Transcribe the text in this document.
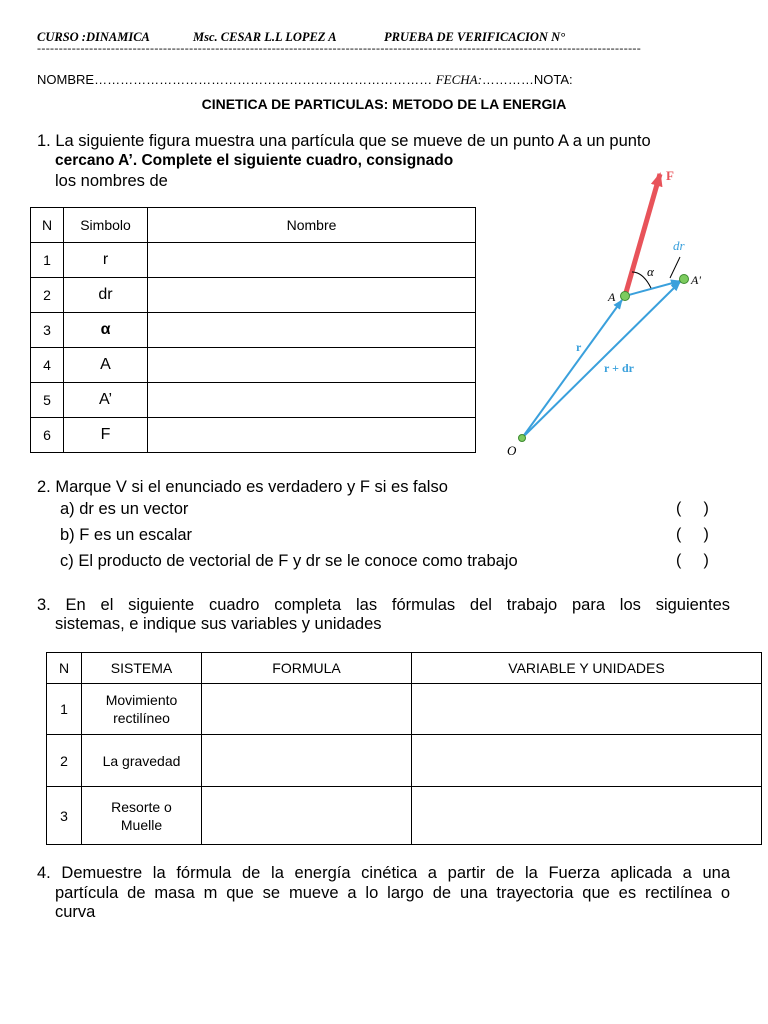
CURSO :DINAMICA	Msc. CESAR L.L LOPEZ A	PRUEBA DE VERIFICACION N°
-------------------------------------------------------------------------------------------------------------------------------------------
NOMBRE…………………………………………………………………… FECHA:…………NOTA:
CINETICA DE PARTICULAS: METODO DE LA ENERGIA
1. La siguiente figura muestra una partícula que se mueve de un punto A a un punto
cercano A’. Complete el siguiente cuadro, consignado
los nombres de
N	Simbolo	Nombre
1	r	
2	dr	
3	α	
4	A	
5	A’	
6	F	
F
dr
α
A
A'
r
r + dr
O
2. Marque V si el enunciado es verdadero y F si es falso
a) dr es un vector	(     )
b) F es un escalar	(     )
c) El producto de vectorial de F y dr se le conoce como trabajo	(     )
3. En el siguiente cuadro completa las fórmulas del trabajo para los siguientes
sistemas, e indique sus variables y unidades
N	SISTEMA	FORMULA	VARIABLE Y UNIDADES
1	Movimiento rectilíneo		
2	La gravedad		
3	Resorte o Muelle		
4. Demuestre la fórmula de la energía cinética a partir de la Fuerza aplicada a una
partícula de masa m que se mueve a lo largo de una trayectoria que es rectilínea o
curva
